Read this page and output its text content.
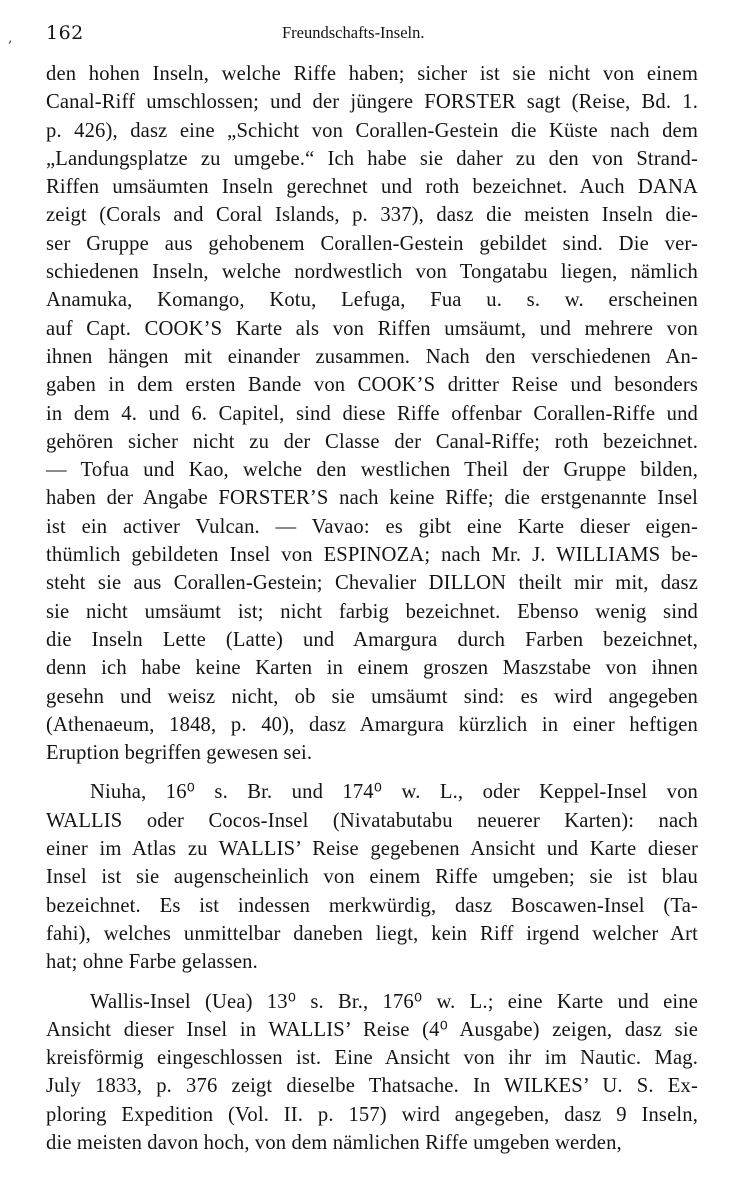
162	Freundschafts-Inseln.
,
den hohen Inseln, welche Riffe haben; sicher ist sie nicht von einem
Canal-Riff umschlossen; und der jüngere FORSTER sagt (Reise, Bd. 1.
p. 426), dasz eine „Schicht von Corallen-Gestein die Küste nach dem
„Landungsplatze zu umgebe.“ Ich habe sie daher zu den von Strand-
Riffen umsäumten Inseln gerechnet und roth bezeichnet. Auch DANA
zeigt (Corals and Coral Islands, p. 337), dasz die meisten Inseln die-
ser Gruppe aus gehobenem Corallen-Gestein gebildet sind. Die ver-
schiedenen Inseln, welche nordwestlich von Tongatabu liegen, nämlich
Anamuka, Komango, Kotu, Lefuga, Fua u. s. w. erscheinen
auf Capt. COOK’S Karte als von Riffen umsäumt, und mehrere von
ihnen hängen mit einander zusammen. Nach den verschiedenen An-
gaben in dem ersten Bande von COOK’S dritter Reise und besonders
in dem 4. und 6. Capitel, sind diese Riffe offenbar Corallen-Riffe und
gehören sicher nicht zu der Classe der Canal-Riffe; roth bezeichnet.
— Tofua und Kao, welche den westlichen Theil der Gruppe bilden,
haben der Angabe FORSTER’S nach keine Riffe; die erstgenannte Insel
ist ein activer Vulcan. — Vavao: es gibt eine Karte dieser eigen-
thümlich gebildeten Insel von ESPINOZA; nach Mr. J. WILLIAMS be-
steht sie aus Corallen-Gestein; Chevalier DILLON theilt mir mit, dasz
sie nicht umsäumt ist; nicht farbig bezeichnet. Ebenso wenig sind
die Inseln Lette (Latte) und Amargura durch Farben bezeichnet,
denn ich habe keine Karten in einem groszen Maszstabe von ihnen
gesehn und weisz nicht, ob sie umsäumt sind: es wird angegeben
(Athenaeum, 1848, p. 40), dasz Amargura kürzlich in einer heftigen
Eruption begriffen gewesen sei.
Niuha, 16⁰ s. Br. und 174⁰ w. L., oder Keppel-Insel von
WALLIS oder Cocos-Insel (Nivatabutabu neuerer Karten): nach
einer im Atlas zu WALLIS’ Reise gegebenen Ansicht und Karte dieser
Insel ist sie augenscheinlich von einem Riffe umgeben; sie ist blau
bezeichnet. Es ist indessen merkwürdig, dasz Boscawen-Insel (Ta-
fahi), welches unmittelbar daneben liegt, kein Riff irgend welcher Art
hat; ohne Farbe gelassen.
Wallis-Insel (Uea) 13⁰ s. Br., 176⁰ w. L.; eine Karte und eine
Ansicht dieser Insel in WALLIS’ Reise (4⁰ Ausgabe) zeigen, dasz sie
kreisförmig eingeschlossen ist. Eine Ansicht von ihr im Nautic. Mag.
July 1833, p. 376 zeigt dieselbe Thatsache. In WILKES’ U. S. Ex-
ploring Expedition (Vol. II. p. 157) wird angegeben, dasz 9 Inseln,
die meisten davon hoch, von dem nämlichen Riffe umgeben werden,
